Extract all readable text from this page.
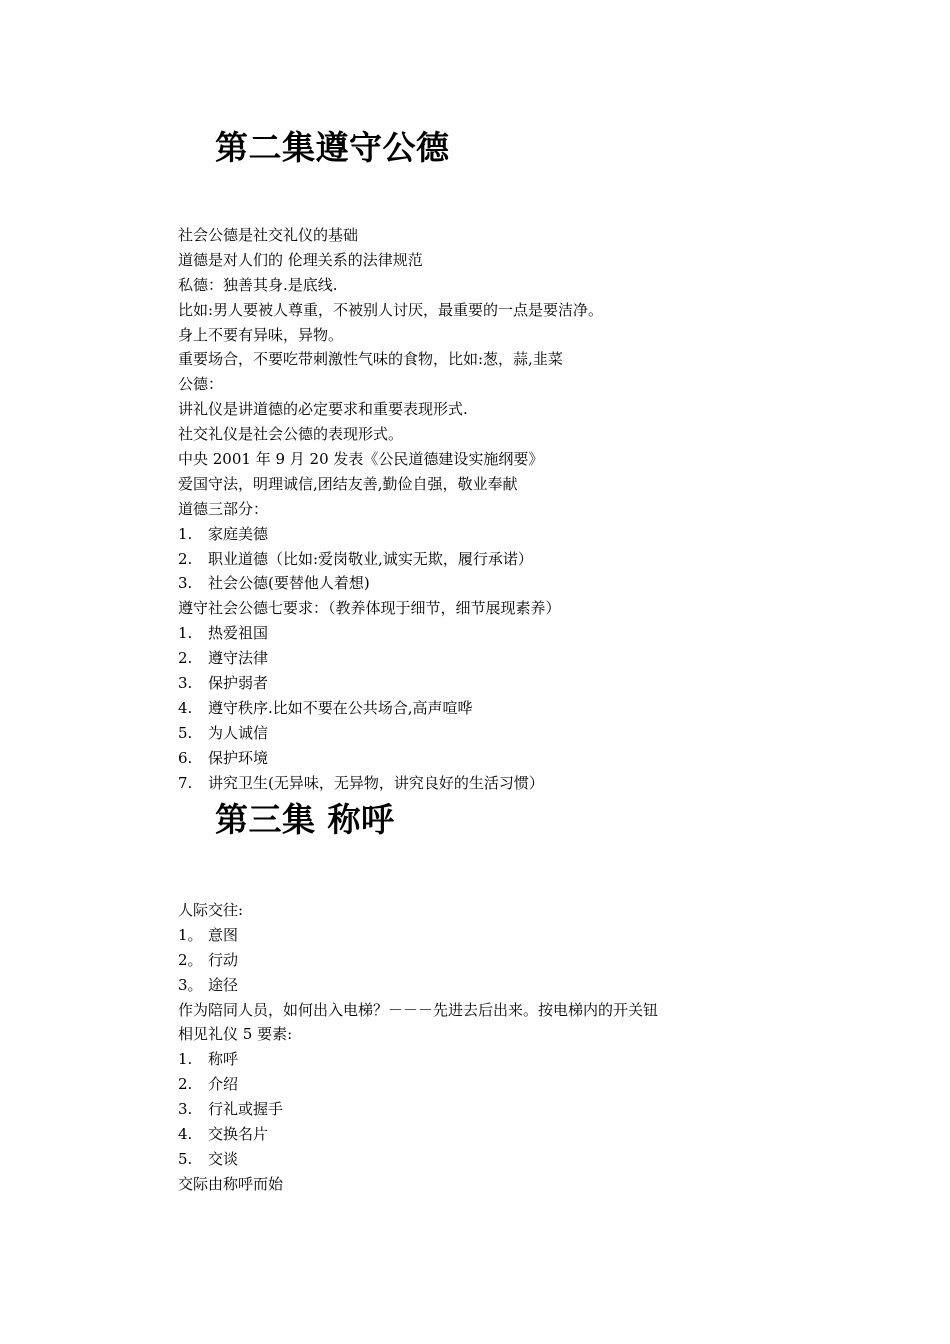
第二集遵守公德
社会公德是社交礼仪的基础
道德是对人们的 伦理关系的法律规范
私德：独善其身.是底线.
比如:男人要被人尊重，不被别人讨厌，最重要的一点是要洁净。
身上不要有异味，异物。
重要场合，不要吃带刺激性气味的食物，比如:葱，蒜,韭菜
公德：
讲礼仪是讲道德的必定要求和重要表现形式.
社交礼仪是社会公德的表现形式。
中央 2001 年 9 月 20 发表《公民道德建设实施纲要》
爱国守法，明理诚信,团结友善,勤俭自强，敬业奉献
道德三部分：
1. 家庭美德
2. 职业道德（比如:爱岗敬业,诚实无欺，履行承诺）
3. 社会公德(要替他人着想)
遵守社会公德七要求：（教养体现于细节，细节展现素养）
1. 热爱祖国
2. 遵守法律
3. 保护弱者
4. 遵守秩序.比如不要在公共场合,高声喧哗
5. 为人诚信
6. 保护环境
7. 讲究卫生(无异味，无异物，讲究良好的生活习惯）
第三集 称呼
人际交往:
1。 意图
2。 行动
3。 途径
作为陪同人员，如何出入电梯？－－－先进去后出来。按电梯内的开关钮
相见礼仪 5 要素:
1. 称呼
2. 介绍
3. 行礼或握手
4. 交换名片
5. 交谈
交际由称呼而始
